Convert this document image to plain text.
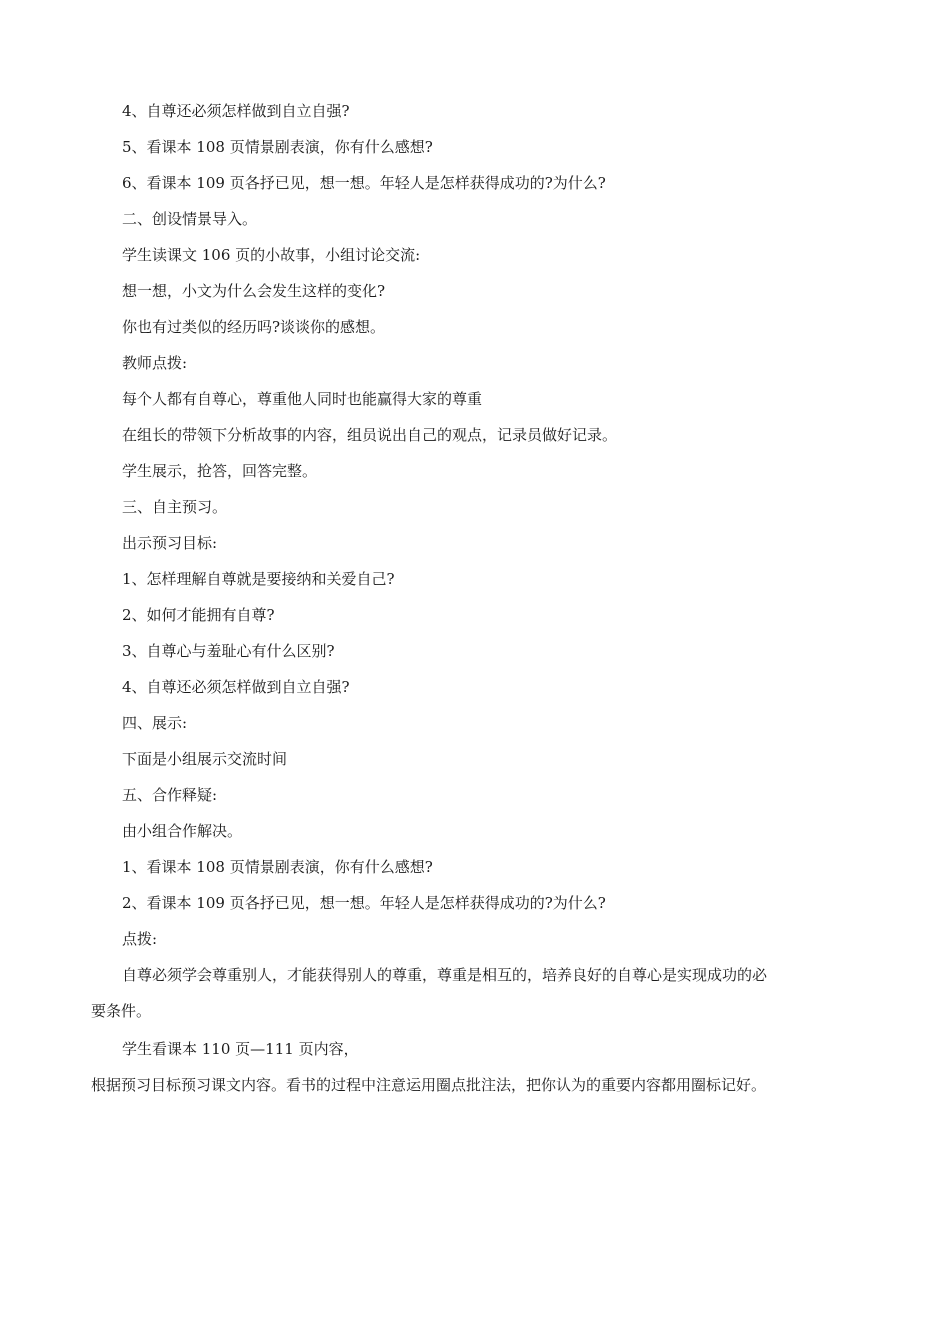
4、自尊还必须怎样做到自立自强?
5、看课本 108 页情景剧表演，你有什么感想?
6、看课本 109 页各抒已见，想一想。年轻人是怎样获得成功的?为什么?
二、创设情景导入。
学生读课文 106 页的小故事，小组讨论交流:
想一想，小文为什么会发生这样的变化?
你也有过类似的经历吗?谈谈你的感想。
教师点拨:
每个人都有自尊心，尊重他人同时也能赢得大家的尊重
在组长的带领下分析故事的内容，组员说出自己的观点，记录员做好记录。
学生展示，抢答，回答完整。
三、自主预习。
出示预习目标:
1、怎样理解自尊就是要接纳和关爱自己?
2、如何才能拥有自尊?
3、自尊心与羞耻心有什么区别?
4、自尊还必须怎样做到自立自强?
四、展示:
下面是小组展示交流时间
五、合作释疑:
由小组合作解决。
1、看课本 108 页情景剧表演，你有什么感想?
2、看课本 109 页各抒已见，想一想。年轻人是怎样获得成功的?为什么?
点拨:
自尊必须学会尊重别人，才能获得别人的尊重，尊重是相互的，培养良好的自尊心是实现成功的必
要条件。
学生看课本 110 页—111 页内容，
根据预习目标预习课文内容。看书的过程中注意运用圈点批注法，把你认为的重要内容都用圈标记好。
